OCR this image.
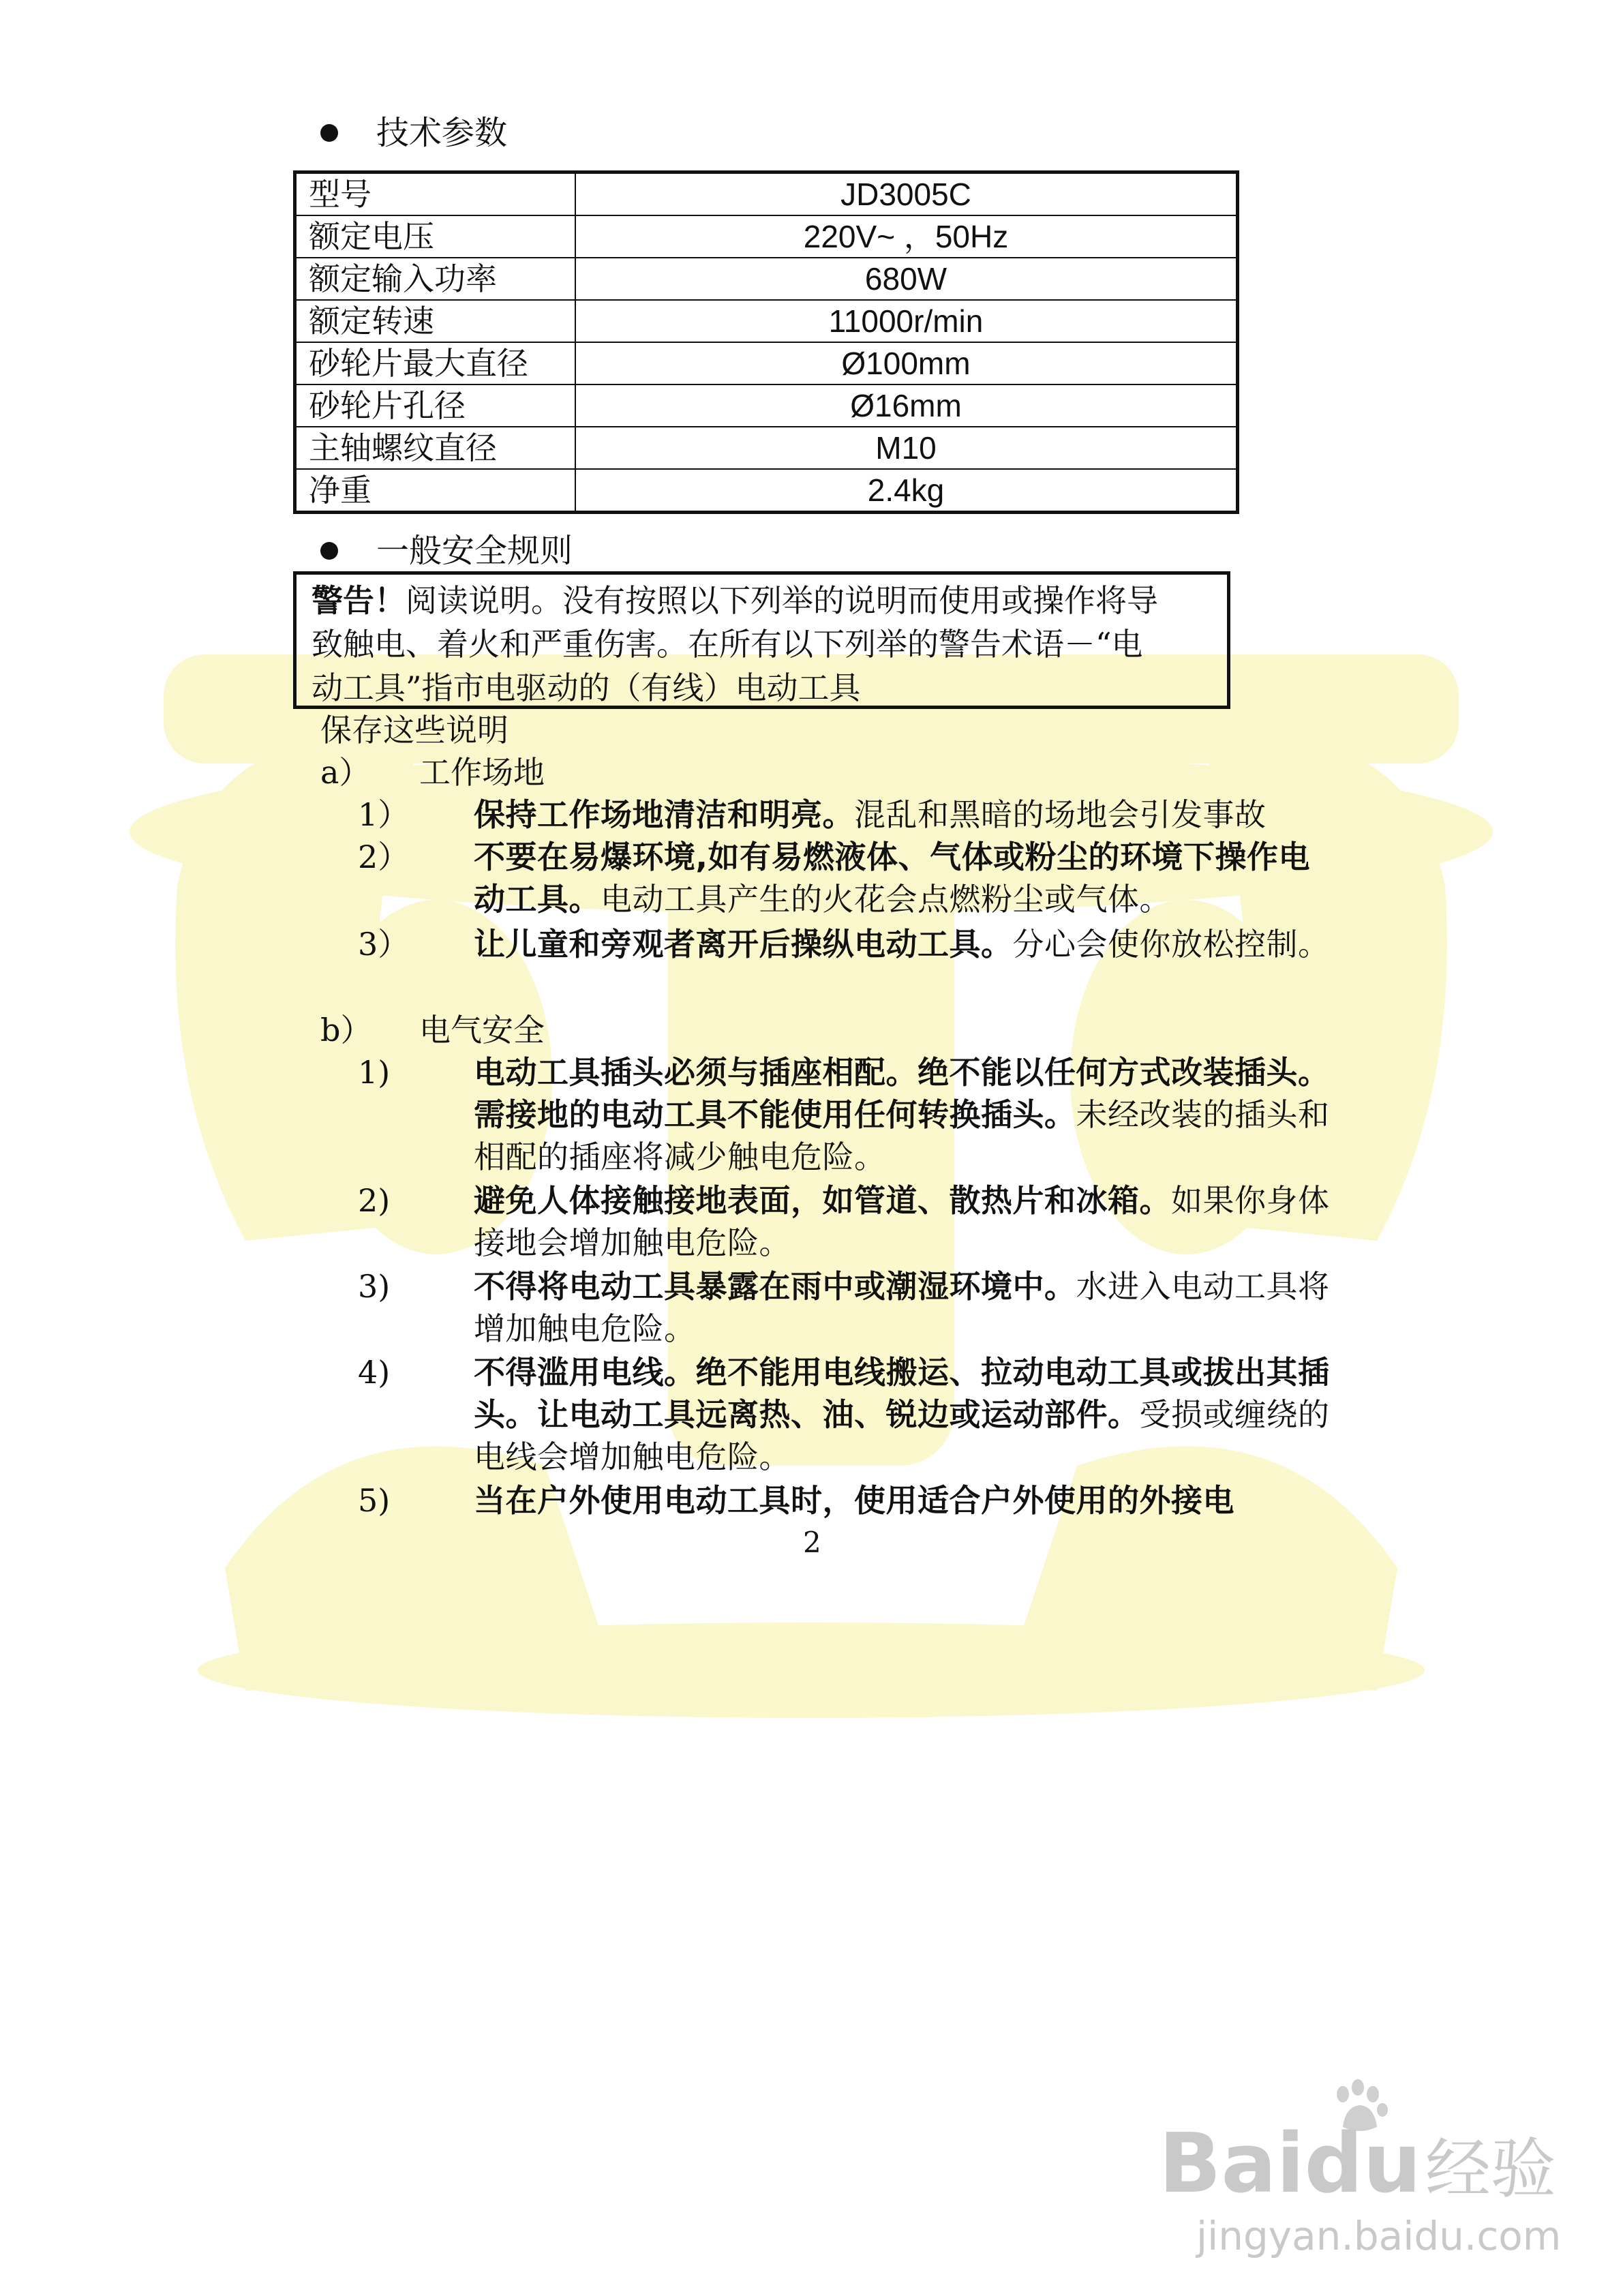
技术参数
型号	JD3005C
额定电压	220V~ ，50Hz
额定输入功率	680W
额定转速	11000r/min
砂轮片最大直径	Ø100mm
砂轮片孔径	Ø16mm
主轴螺纹直径	M10
净重	2.4kg
一般安全规则
警告！阅读说明。没有按照以下列举的说明而使用或操作将导
致触电、着火和严重伤害。在所有以下列举的警告术语－“电
动工具”指市电驱动的（有线）电动工具
保存这些说明
a） 工作场地
1） 保持工作场地清洁和明亮。混乱和黑暗的场地会引发事故
2） 不要在易爆环境,如有易燃液体、气体或粉尘的环境下操作电动工具。电动工具产生的火花会点燃粉尘或气体。
3） 让儿童和旁观者离开后操纵电动工具。分心会使你放松控制。
b） 电气安全
1)	电动工具插头必须与插座相配。绝不能以任何方式改装插头。需接地的电动工具不能使用任何转换插头。未经改装的插头和相配的插座将减少触电危险。
2)	避免人体接触接地表面，如管道、散热片和冰箱。如果你身体接地会增加触电危险。
3)	不得将电动工具暴露在雨中或潮湿环境中。水进入电动工具将增加触电危险。
4)	不得滥用电线。绝不能用电线搬运、拉动电动工具或拔出其插头。让电动工具远离热、油、锐边或运动部件。受损或缠绕的电线会增加触电危险。
5)	当在户外使用电动工具时，使用适合户外使用的外接电
2
Baidu经验
jingyan.baidu.com
